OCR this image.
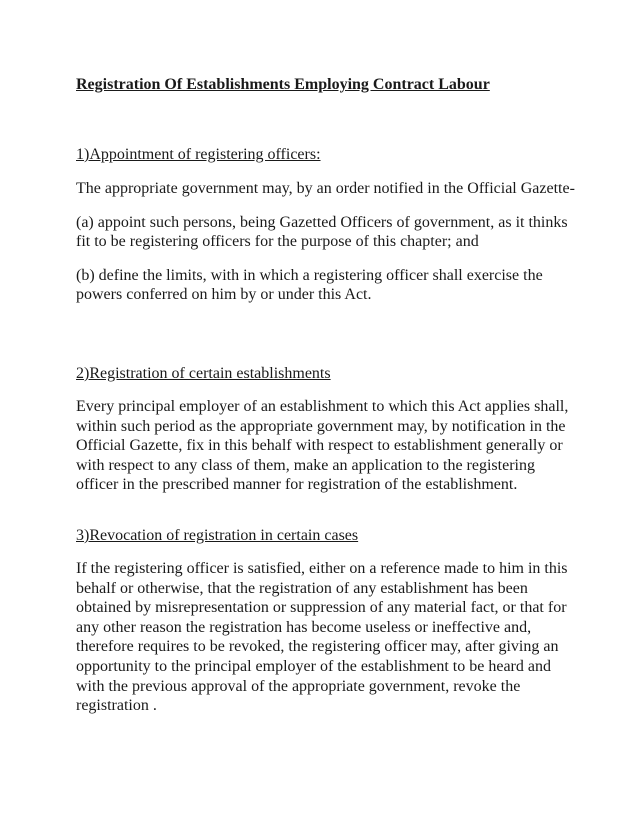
Registration Of Establishments Employing Contract Labour
1)Appointment of registering officers:

The appropriate government may, by an order notified in the Official Gazette-

(a) appoint such persons, being Gazetted Officers of government, as it thinks fit to be registering officers for the purpose of this chapter; and

(b) define the limits, with in which a registering officer shall exercise the powers conferred on him by or under this Act.

2)Registration of certain establishments

Every principal employer of an establishment to which this Act applies shall, within such period as the appropriate government may, by notification in the Official Gazette, fix in this behalf with respect to establishment generally or with respect to any class of them, make an application to the registering officer in the prescribed manner for registration of the establishment.

3)Revocation of registration in certain cases

If the registering officer is satisfied, either on a reference made to him in this behalf or otherwise, that the registration of any establishment has been obtained by misrepresentation or suppression of any material fact, or that for any other reason the registration has become useless or ineffective and, therefore requires to be revoked, the registering officer may, after giving an opportunity to the principal employer of the establishment to be heard and with the previous approval of the appropriate government, revoke the registration .
